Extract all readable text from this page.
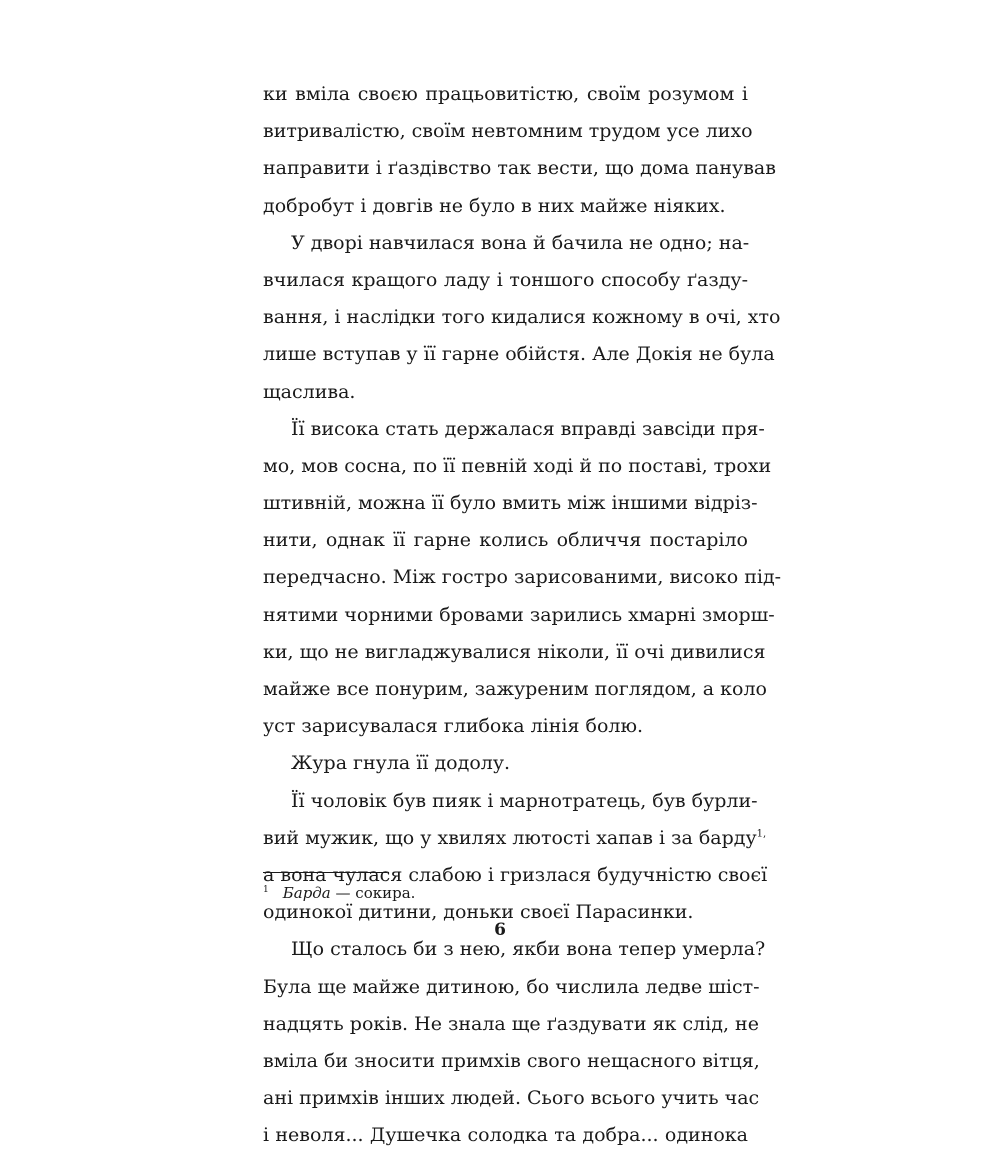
ки вміла своєю працьовитістю, своїм розумом і
витривалістю, своїм невтомним трудом усе лихо
направити і ґаздівство так вести, що дома панував
добробут і довгів не було в них майже ніяких.
У дворі навчилася вона й бачила не одно; на-
вчилася кращого ладу і тоншого способу ґазду-
вання, і наслідки того кидалися кожному в очі, хто
лише вступав у її гарне обійстя. Але Докія не була
щаслива.
Її висока стать держалася вправді завсіди пря-
мо, мов сосна, по її певній ході й по поставі, трохи
штивній, можна її було вмить між іншими відріз-
нити, однак її гарне колись обличчя постаріло
передчасно. Між гостро зарисованими, високо під-
нятими чорними бровами зарились хмарні зморш-
ки, що не вигладжувалися ніколи, її очі дивилися
майже все понурим, зажуреним поглядом, а коло
уст зарисувалася глибока лінія болю.
Жура гнула її додолу.
Її чоловік був пияк і марнотратець, був бурли-
вий мужик, що у хвилях лютості хапав і за барду$^{1,}$
а вона чулася слабою і гризлася будучністю своєї
одинокої дитини, доньки своєї Парасинки.
Що сталось би з нею, якби вона тепер умерла?
Була ще майже дитиною, бо числила ледве шіст-
надцять років. Не знала ще ґаздувати як слід, не
вміла би зносити примхів свого нещасного вітця,
ані примхів інших людей. Сього всього учить час
і неволя... Душечка солодка та добра... одинока
$^1$ Барда — сокира.
6
